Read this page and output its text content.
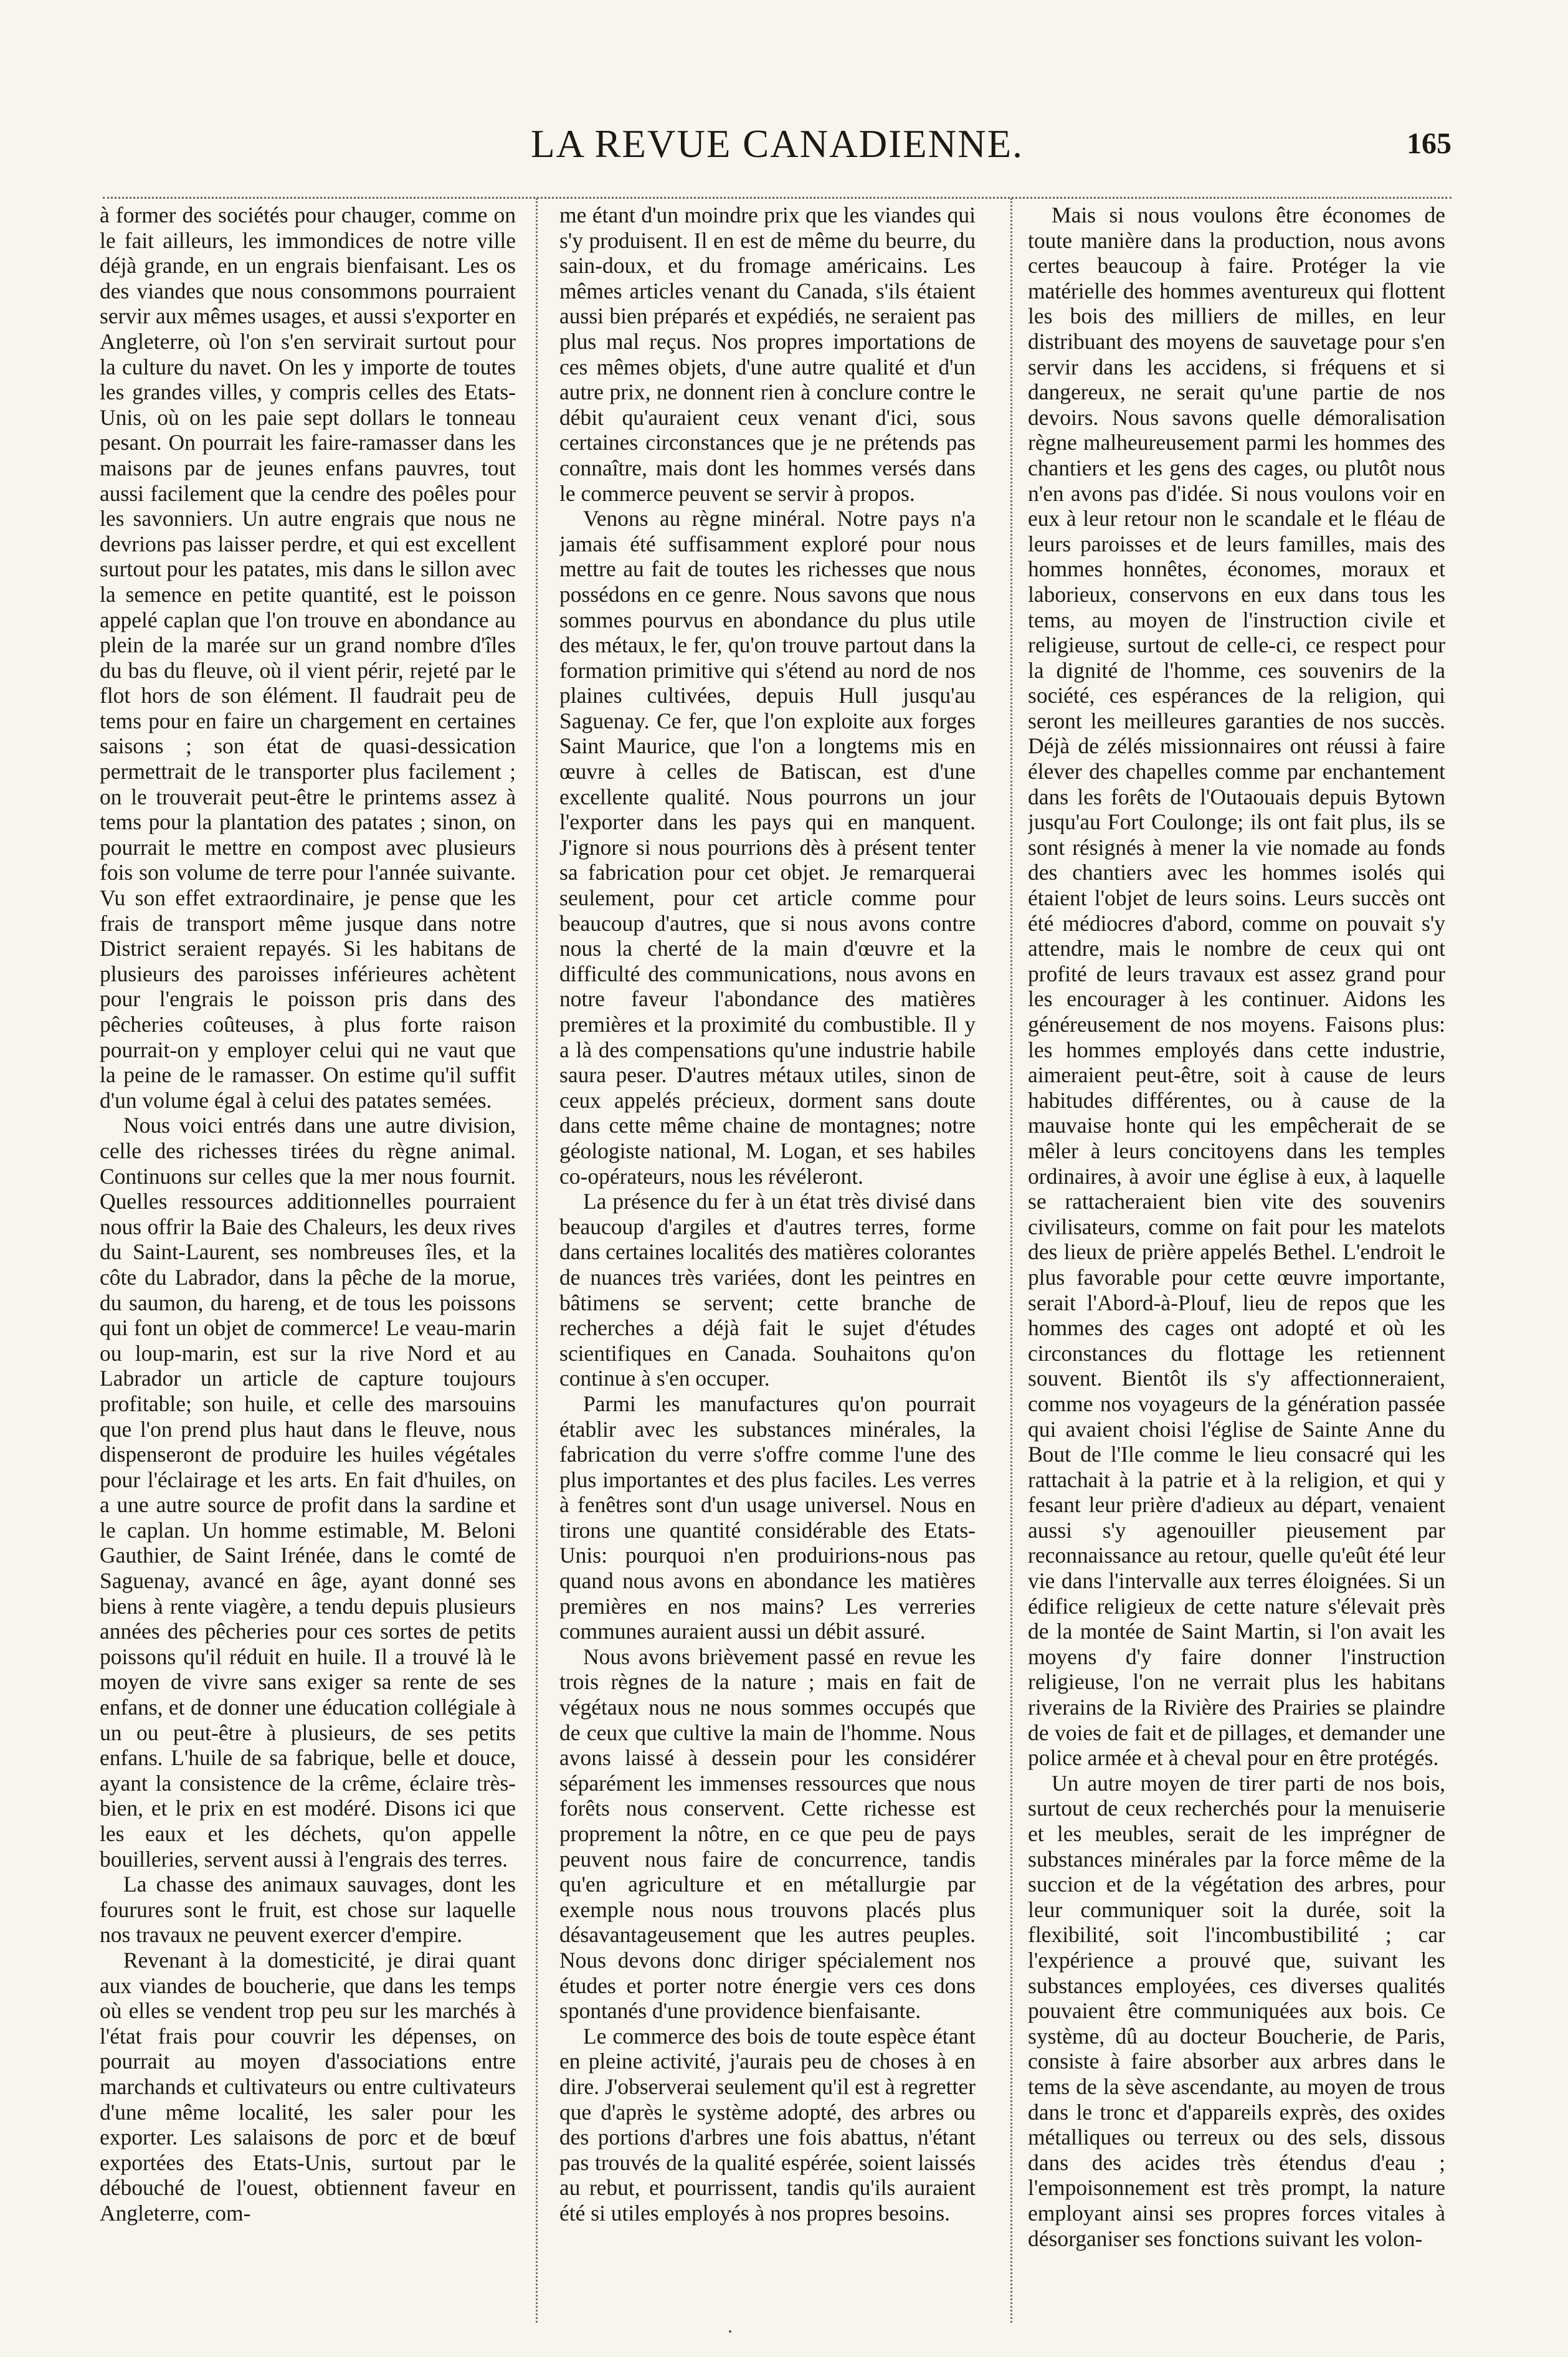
LA REVUE CANADIENNE.	165

à former des sociétés pour chauger, comme on le fait ailleurs, les immondices de notre ville déjà grande, en un engrais bienfaisant. Les os des viandes que nous consommons pourraient servir aux mêmes usages, et aussi s'exporter en Angleterre, où l'on s'en servirait surtout pour la culture du navet. On les y importe de toutes les grandes villes, y compris celles des Etats-Unis, où on les paie sept dollars le tonneau pesant. On pourrait les faire-ramasser dans les maisons par de jeunes enfans pauvres, tout aussi facilement que la cendre des poêles pour les savonniers. Un autre engrais que nous ne devrions pas laisser perdre, et qui est excellent surtout pour les patates, mis dans le sillon avec la semence en petite quantité, est le poisson appelé caplan que l'on trouve en abondance au plein de la marée sur un grand nombre d'îles du bas du fleuve, où il vient périr, rejeté par le flot hors de son élément. Il faudrait peu de tems pour en faire un chargement en certaines saisons ; son état de quasi-dessication permettrait de le transporter plus facilement ; on le trouverait peut-être le printems assez à tems pour la plantation des patates ; sinon, on pourrait le mettre en compost avec plusieurs fois son volume de terre pour l'année suivante. Vu son effet extraordinaire, je pense que les frais de transport même jusque dans notre District seraient repayés. Si les habitans de plusieurs des paroisses inférieures achètent pour l'engrais le poisson pris dans des pêcheries coûteuses, à plus forte raison pourrait-on y employer celui qui ne vaut que la peine de le ramasser. On estime qu'il suffit d'un volume égal à celui des patates semées.

Nous voici entrés dans une autre division, celle des richesses tirées du règne animal. Continuons sur celles que la mer nous fournit. Quelles ressources additionnelles pourraient nous offrir la Baie des Chaleurs, les deux rives du Saint-Laurent, ses nombreuses îles, et la côte du Labrador, dans la pêche de la morue, du saumon, du hareng, et de tous les poissons qui font un objet de commerce! Le veau-marin ou loup-marin, est sur la rive Nord et au Labrador un article de capture toujours profitable; son huile, et celle des marsouins que l'on prend plus haut dans le fleuve, nous dispenseront de produire les huiles végétales pour l'éclairage et les arts. En fait d'huiles, on a une autre source de profit dans la sardine et le caplan. Un homme estimable, M. Beloni Gauthier, de Saint Irénée, dans le comté de Saguenay, avancé en âge, ayant donné ses biens à rente viagère, a tendu depuis plusieurs années des pêcheries pour ces sortes de petits poissons qu'il réduit en huile. Il a trouvé là le moyen de vivre sans exiger sa rente de ses enfans, et de donner une éducation collégiale à un ou peut-être à plusieurs, de ses petits enfans. L'huile de sa fabrique, belle et douce, ayant la consistence de la crême, éclaire très-bien, et le prix en est modéré. Disons ici que les eaux et les déchets, qu'on appelle bouilleries, servent aussi à l'engrais des terres.

La chasse des animaux sauvages, dont les fourures sont le fruit, est chose sur laquelle nos travaux ne peuvent exercer d'empire.

Revenant à la domesticité, je dirai quant aux viandes de boucherie, que dans les temps où elles se vendent trop peu sur les marchés à l'état frais pour couvrir les dépenses, on pourrait au moyen d'associations entre marchands et cultivateurs ou entre cultivateurs d'une même localité, les saler pour les exporter. Les salaisons de porc et de bœuf exportées des Etats-Unis, surtout par le débouché de l'ouest, obtiennent faveur en Angleterre, com-

me étant d'un moindre prix que les viandes qui s'y produisent. Il en est de même du beurre, du sain-doux, et du fromage américains. Les mêmes articles venant du Canada, s'ils étaient aussi bien préparés et expédiés, ne seraient pas plus mal reçus. Nos propres importations de ces mêmes objets, d'une autre qualité et d'un autre prix, ne donnent rien à conclure contre le débit qu'auraient ceux venant d'ici, sous certaines circonstances que je ne prétends pas connaître, mais dont les hommes versés dans le commerce peuvent se servir à propos.

Venons au règne minéral. Notre pays n'a jamais été suffisamment exploré pour nous mettre au fait de toutes les richesses que nous possédons en ce genre. Nous savons que nous sommes pourvus en abondance du plus utile des métaux, le fer, qu'on trouve partout dans la formation primitive qui s'étend au nord de nos plaines cultivées, depuis Hull jusqu'au Saguenay. Ce fer, que l'on exploite aux forges Saint Maurice, que l'on a longtems mis en œuvre à celles de Batiscan, est d'une excellente qualité. Nous pourrons un jour l'exporter dans les pays qui en manquent. J'ignore si nous pourrions dès à présent tenter sa fabrication pour cet objet. Je remarquerai seulement, pour cet article comme pour beaucoup d'autres, que si nous avons contre nous la cherté de la main d'œuvre et la difficulté des communications, nous avons en notre faveur l'abondance des matières premières et la proximité du combustible. Il y a là des compensations qu'une industrie habile saura peser. D'autres métaux utiles, sinon de ceux appelés précieux, dorment sans doute dans cette même chaine de montagnes; notre géologiste national, M. Logan, et ses habiles co-opérateurs, nous les révéleront.

La présence du fer à un état très divisé dans beaucoup d'argiles et d'autres terres, forme dans certaines localités des matières colorantes de nuances très variées, dont les peintres en bâtimens se servent; cette branche de recherches a déjà fait le sujet d'études scientifiques en Canada. Souhaitons qu'on continue à s'en occuper.

Parmi les manufactures qu'on pourrait établir avec les substances minérales, la fabrication du verre s'offre comme l'une des plus importantes et des plus faciles. Les verres à fenêtres sont d'un usage universel. Nous en tirons une quantité considérable des Etats-Unis: pourquoi n'en produirions-nous pas quand nous avons en abondance les matières premières en nos mains? Les verreries communes auraient aussi un débit assuré.

Nous avons brièvement passé en revue les trois règnes de la nature ; mais en fait de végétaux nous ne nous sommes occupés que de ceux que cultive la main de l'homme. Nous avons laissé à dessein pour les considérer séparément les immenses ressources que nous forêts nous conservent. Cette richesse est proprement la nôtre, en ce que peu de pays peuvent nous faire de concurrence, tandis qu'en agriculture et en métallurgie par exemple nous nous trouvons placés plus désavantageusement que les autres peuples. Nous devons donc diriger spécialement nos études et porter notre énergie vers ces dons spontanés d'une providence bienfaisante.

Le commerce des bois de toute espèce étant en pleine activité, j'aurais peu de choses à en dire. J'observerai seulement qu'il est à regretter que d'après le système adopté, des arbres ou des portions d'arbres une fois abattus, n'étant pas trouvés de la qualité espérée, soient laissés au rebut, et pourrissent, tandis qu'ils auraient été si utiles employés à nos propres besoins.

Mais si nous voulons être économes de toute manière dans la production, nous avons certes beaucoup à faire. Protéger la vie matérielle des hommes aventureux qui flottent les bois des milliers de milles, en leur distribuant des moyens de sauvetage pour s'en servir dans les accidens, si fréquens et si dangereux, ne serait qu'une partie de nos devoirs. Nous savons quelle démoralisation règne malheureusement parmi les hommes des chantiers et les gens des cages, ou plutôt nous n'en avons pas d'idée. Si nous voulons voir en eux à leur retour non le scandale et le fléau de leurs paroisses et de leurs familles, mais des hommes honnêtes, économes, moraux et laborieux, conservons en eux dans tous les tems, au moyen de l'instruction civile et religieuse, surtout de celle-ci, ce respect pour la dignité de l'homme, ces souvenirs de la société, ces espérances de la religion, qui seront les meilleures garanties de nos succès. Déjà de zélés missionnaires ont réussi à faire élever des chapelles comme par enchantement dans les forêts de l'Outaouais depuis Bytown jusqu'au Fort Coulonge; ils ont fait plus, ils se sont résignés à mener la vie nomade au fonds des chantiers avec les hommes isolés qui étaient l'objet de leurs soins. Leurs succès ont été médiocres d'abord, comme on pouvait s'y attendre, mais le nombre de ceux qui ont profité de leurs travaux est assez grand pour les encourager à les continuer. Aidons les généreusement de nos moyens. Faisons plus: les hommes employés dans cette industrie, aimeraient peut-être, soit à cause de leurs habitudes différentes, ou à cause de la mauvaise honte qui les empêcherait de se mêler à leurs concitoyens dans les temples ordinaires, à avoir une église à eux, à laquelle se rattacheraient bien vite des souvenirs civilisateurs, comme on fait pour les matelots des lieux de prière appelés Bethel. L'endroit le plus favorable pour cette œuvre importante, serait l'Abord-à-Plouf, lieu de repos que les hommes des cages ont adopté et où les circonstances du flottage les retiennent souvent. Bientôt ils s'y affectionneraient, comme nos voyageurs de la génération passée qui avaient choisi l'église de Sainte Anne du Bout de l'Ile comme le lieu consacré qui les rattachait à la patrie et à la religion, et qui y fesant leur prière d'adieux au départ, venaient aussi s'y agenouiller pieusement par reconnaissance au retour, quelle qu'eût été leur vie dans l'intervalle aux terres éloignées. Si un édifice religieux de cette nature s'élevait près de la montée de Saint Martin, si l'on avait les moyens d'y faire donner l'instruction religieuse, l'on ne verrait plus les habitans riverains de la Rivière des Prairies se plaindre de voies de fait et de pillages, et demander une police armée et à cheval pour en être protégés.

Un autre moyen de tirer parti de nos bois, surtout de ceux recherchés pour la menuiserie et les meubles, serait de les imprégner de substances minérales par la force même de la succion et de la végétation des arbres, pour leur communiquer soit la durée, soit la flexibilité, soit l'incombustibilité ; car l'expérience a prouvé que, suivant les substances employées, ces diverses qualités pouvaient être communiquées aux bois. Ce système, dû au docteur Boucherie, de Paris, consiste à faire absorber aux arbres dans le tems de la sève ascendante, au moyen de trous dans le tronc et d'appareils exprès, des oxides métalliques ou terreux ou des sels, dissous dans des acides très étendus d'eau ; l'empoisonnement est très prompt, la nature employant ainsi ses propres forces vitales à désorganiser ses fonctions suivant les volon-
